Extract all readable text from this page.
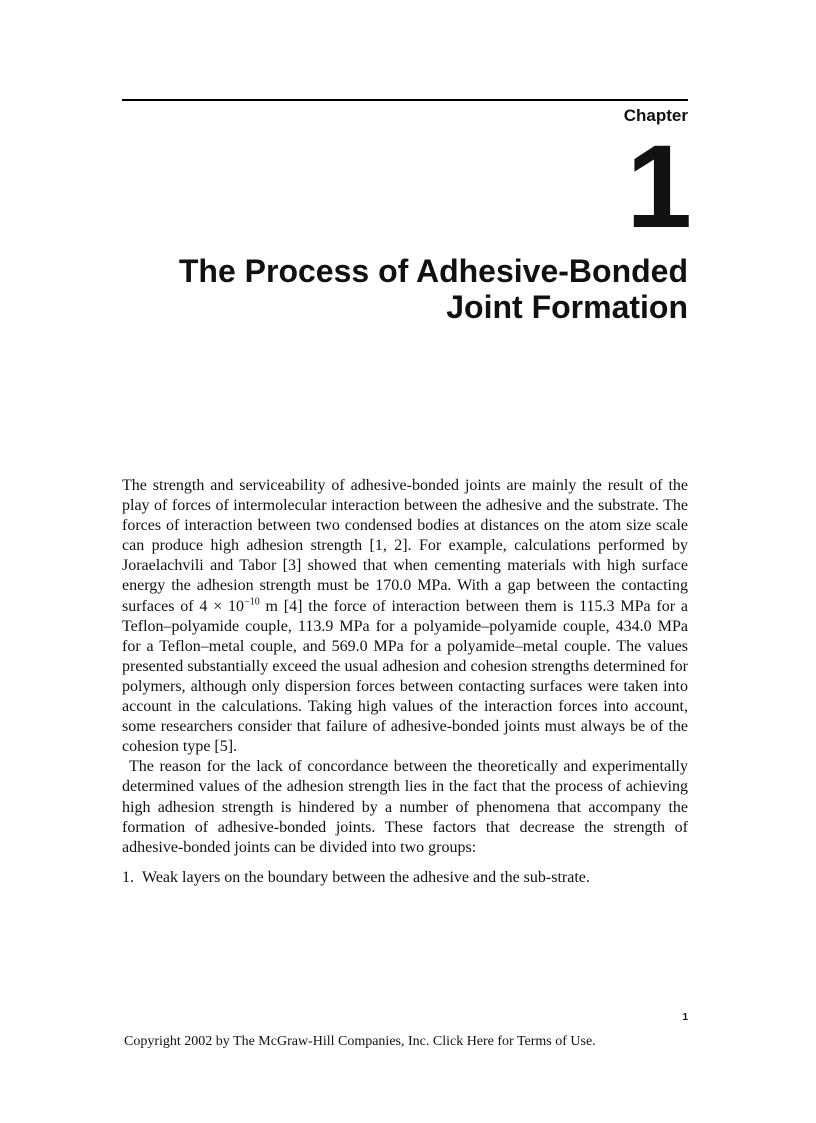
Chapter
1
The Process of Adhesive-Bonded
Joint Formation

The strength and serviceability of adhesive-bonded joints are mainly the result of the play of forces of intermolecular interaction between the adhesive and the substrate. The forces of interaction between two condensed bodies at distances on the atom size scale can produce high adhesion strength [1, 2]. For example, calculations performed by Joraelachvili and Tabor [3] showed that when cementing materials with high surface energy the adhesion strength must be 170.0 MPa. With a gap between the contacting surfaces of $4 \times 10^{-10}$ m [4] the force of interaction between them is 115.3 MPa for a Teflon–polyamide couple, 113.9 MPa for a polyamide–polyamide couple, 434.0 MPa for a Teflon–metal couple, and 569.0 MPa for a polyamide–metal couple. The values presented substantially exceed the usual adhesion and cohesion strengths determined for polymers, although only dispersion forces between contacting surfaces were taken into account in the calculations. Taking high values of the interaction forces into account, some researchers consider that failure of adhesive-bonded joints must always be of the cohesion type [5].

The reason for the lack of concordance between the theoretically and experimentally determined values of the adhesion strength lies in the fact that the process of achieving high adhesion strength is hindered by a number of phenomena that accompany the formation of adhesive-bonded joints. These factors that decrease the strength of adhesive-bonded joints can be divided into two groups:

1. Weak layers on the boundary between the adhesive and the sub-strate.
1
Copyright 2002 by The McGraw-Hill Companies, Inc. Click Here for Terms of Use.
